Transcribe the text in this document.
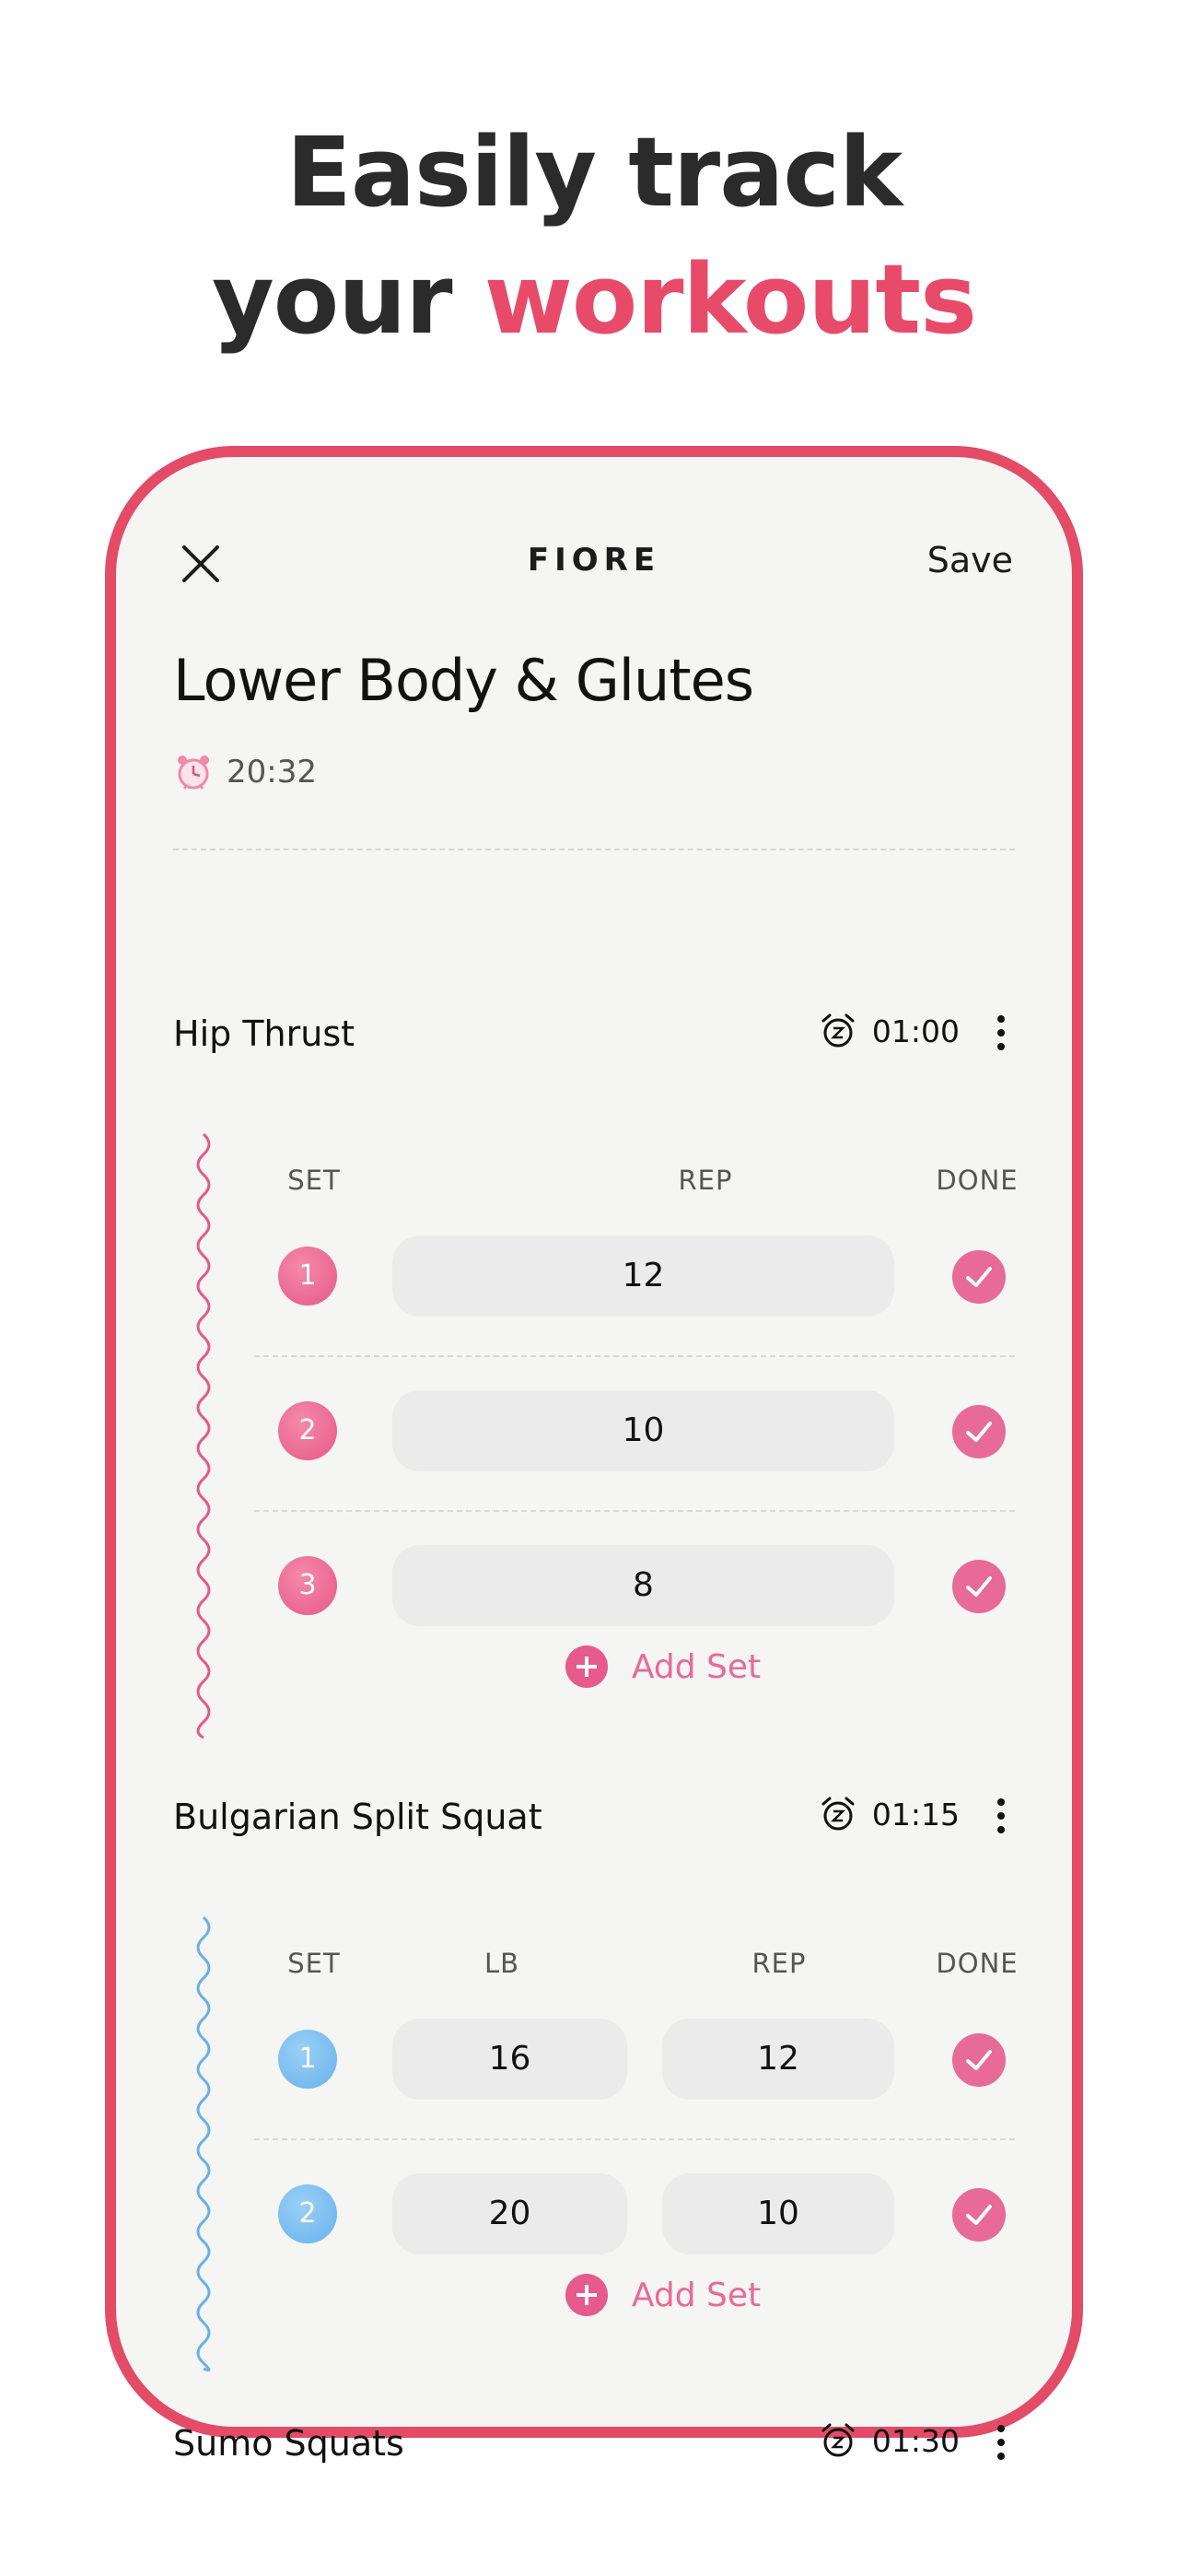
Easily track
your workouts
FIORE	Save
Lower Body & Glutes
20:32
Hip Thrust	01:00
SET	REP	DONE
1	12
2	10
3	8
Add Set
Bulgarian Split Squat	01:15
SET	LB	REP	DONE
1	16	12
2	20	10
Add Set
Sumo Squats	01:30
